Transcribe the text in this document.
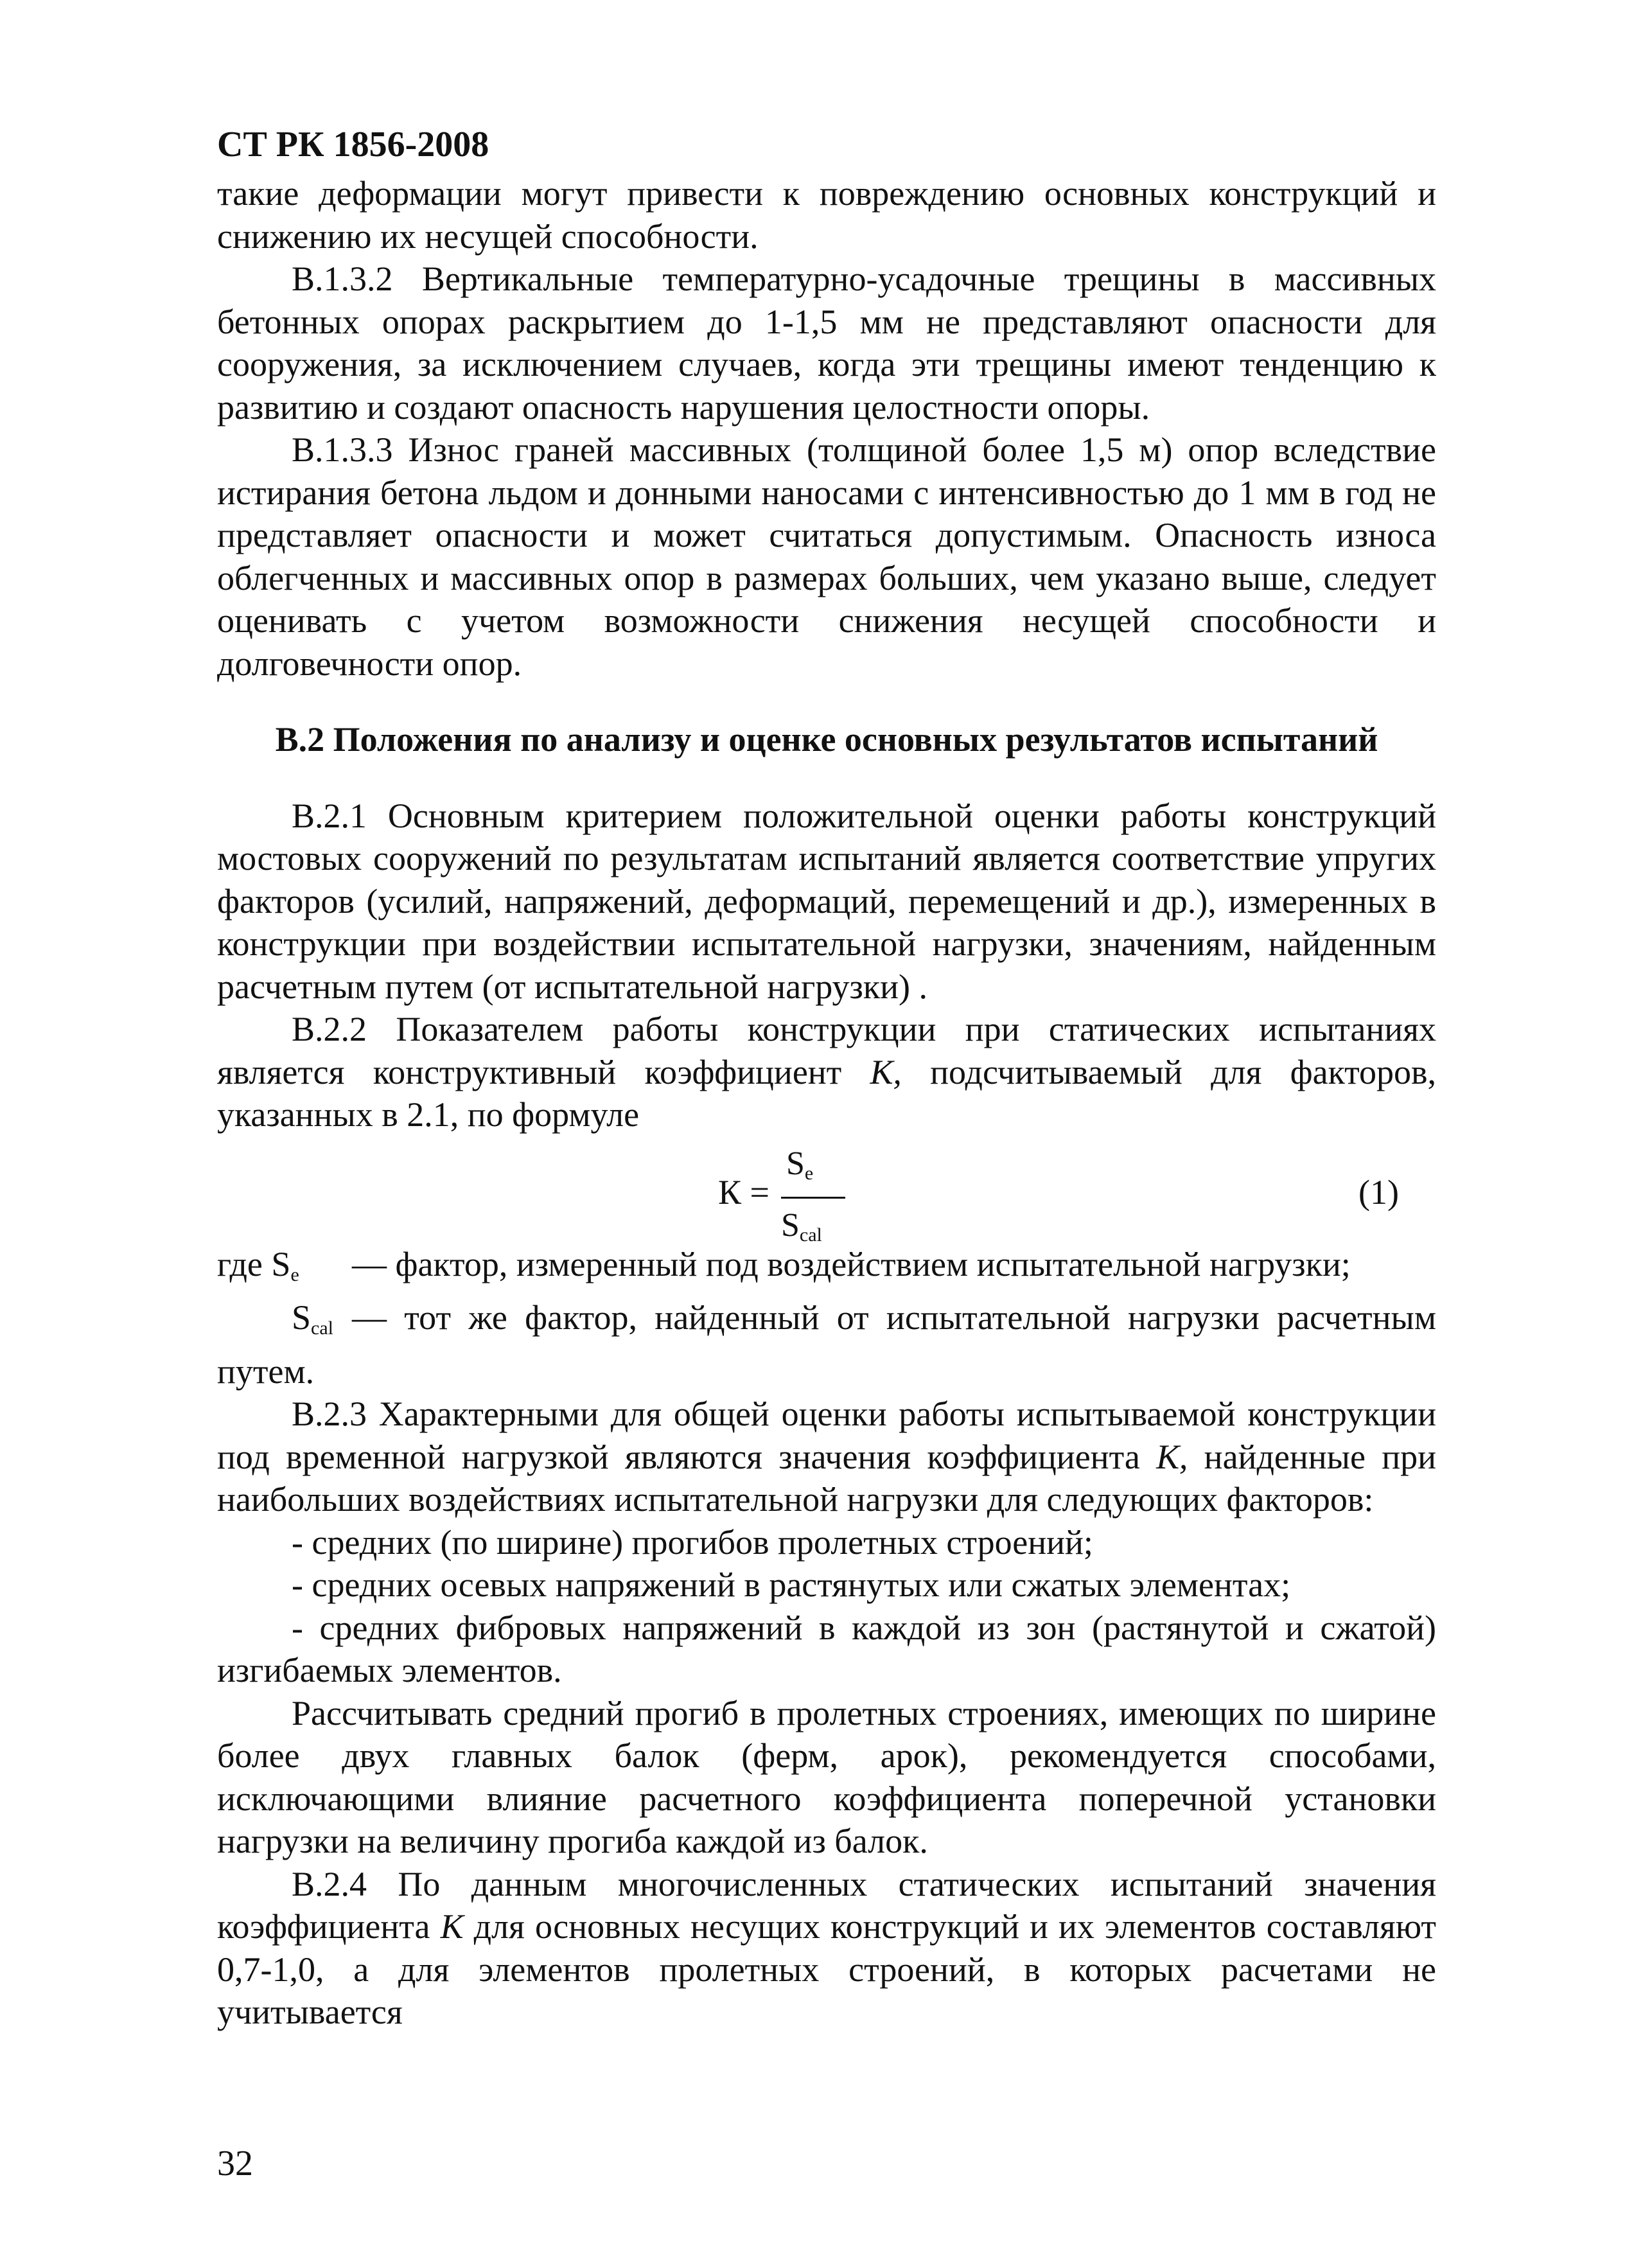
СТ РК 1856-2008

такие деформации могут привести к повреждению основных конструкций и снижению их несущей способности.

В.1.3.2 Вертикальные температурно-усадочные трещины в массивных бетонных опорах раскрытием до 1-1,5 мм не представляют опасности для сооружения, за исключением случаев, когда эти трещины имеют тенденцию к развитию и создают опасность нарушения целостности опоры.

В.1.3.3 Износ граней массивных (толщиной более 1,5 м) опор вследствие истирания бетона льдом и донными наносами с интенсивностью до 1 мм в год не представляет опасности и может считаться допустимым. Опасность износа облегченных и массивных опор в размерах больших, чем указано выше, следует оценивать с учетом возможности снижения несущей способности и долговечности опор.

В.2 Положения по анализу и оценке основных результатов испытаний

В.2.1 Основным критерием положительной оценки работы конструкций мостовых сооружений по результатам испытаний является соответствие упругих факторов (усилий, напряжений, деформаций, перемещений и др.), измеренных в конструкции при воздействии испытательной нагрузки, значениям, найденным расчетным путем (от испытательной нагрузки) .

В.2.2 Показателем работы конструкции при статических испытаниях является конструктивный коэффициент К, подсчитываемый для факторов, указанных в 2.1, по формуле

К =
$S_e$
$S_{cal}$
(1)

где $S_e$	— фактор, измеренный под воздействием испытательной нагрузки;

$S_{cal}$ — тот же фактор, найденный от испытательной нагрузки расчетным путем.

В.2.3 Характерными для общей оценки работы испытываемой конструкции под временной нагрузкой являются значения коэффициента К, найденные при наибольших воздействиях испытательной нагрузки для следующих факторов:

- средних (по ширине) прогибов пролетных строений;

- средних осевых напряжений в растянутых или сжатых элементах;

- средних фибровых напряжений в каждой из зон (растянутой и сжатой) изгибаемых элементов.

Рассчитывать средний прогиб в пролетных строениях, имеющих по ширине более двух главных балок (ферм, арок), рекомендуется способами, исключающими влияние расчетного коэффициента поперечной установки нагрузки на величину прогиба каждой из балок.

В.2.4 По данным многочисленных статических испытаний значения коэффициента К для основных несущих конструкций и их элементов составляют 0,7-1,0, а для элементов пролетных строений, в которых расчетами не учитывается

32
